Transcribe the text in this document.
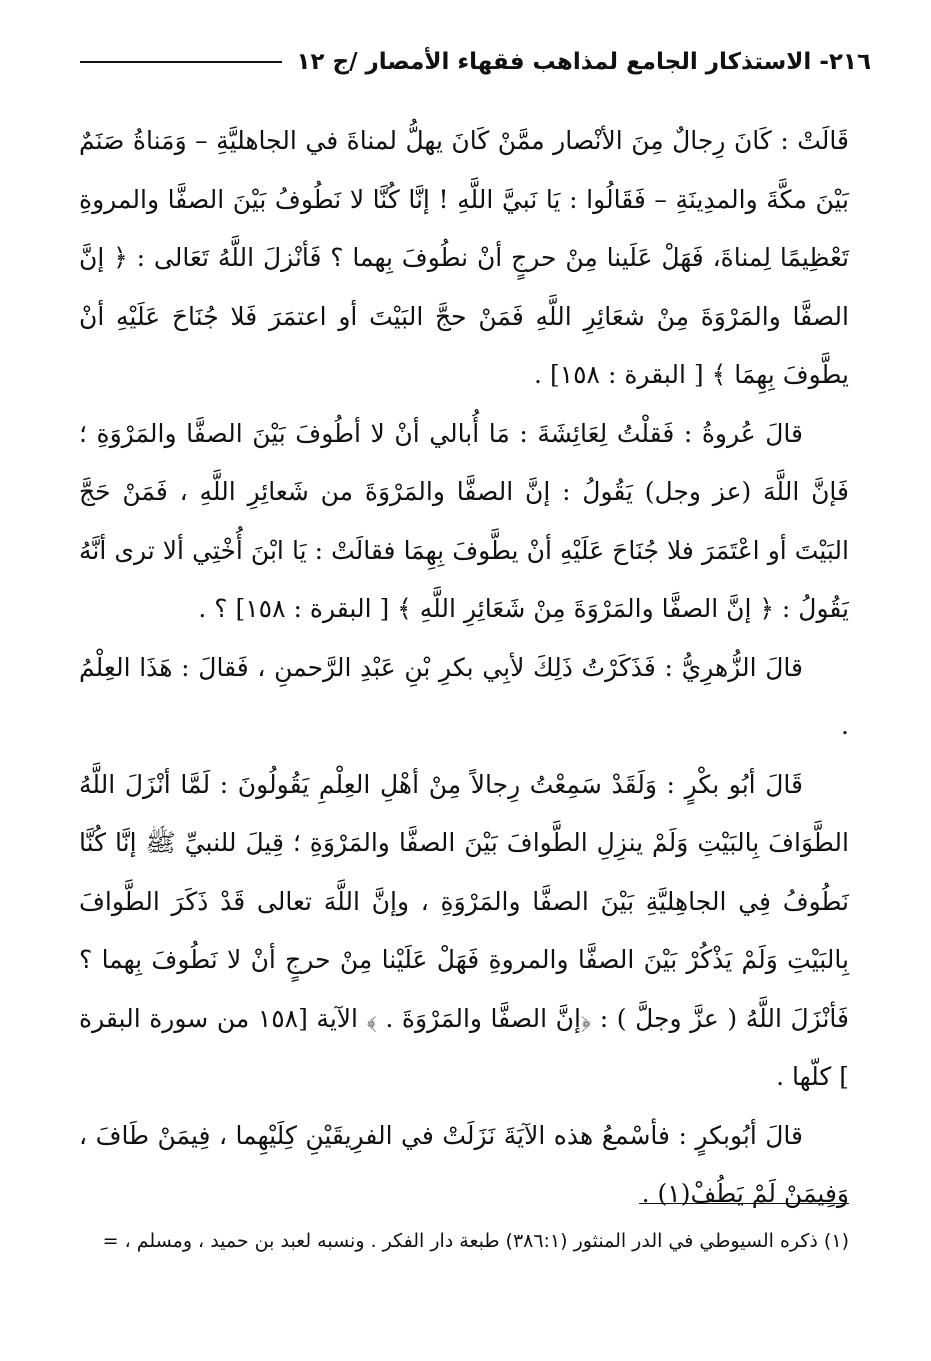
٢١٦- الاستذكار الجامع لمذاهب فقهاء الأمصار /ج ١٢

قَالَتْ : كَانَ رِجالٌ مِنَ الأنْصار ممَّنْ كَانَ يهلُّ لمناةَ في الجاهليَّةِ – وَمَناةُ صَنَمٌ بَيْنَ مكَّةَ والمدِينَةِ – فَقَالُوا : يَا نَبيَّ اللَّهِ ! إنَّا كُنَّا لا نَطُوفُ بَيْنَ الصفَّا والمروةِ تَعْظِيمًا لِمناةَ، فَهَلْ عَلَينا مِنْ حرجٍ أنْ نطُوفَ بِهما ؟ فَأنْزلَ اللَّهُ تَعَالى : ﴿ إنَّ الصفَّا والمَرْوَةَ مِنْ شعَائِرِ اللَّهِ فَمَنْ حجَّ البَيْتَ أو اعتمَرَ فَلا جُنَاحَ عَلَيْهِ أنْ يطَّوفَ بِهِمَا ﴾ [ البقرة : ١٥٨] .

قالَ عُروةُ : فَقلْتُ لِعَائِشَةَ : مَا أُبالي أنْ لا أطُوفَ بَيْنَ الصفَّا والمَرْوَةِ ؛ فَإنَّ اللَّهَ (عز وجل) يَقُولُ : إنَّ الصفَّا والمَرْوَةَ من شَعائِرِ اللَّهِ ، فَمَنْ حَجَّ البَيْتَ أو اعْتَمَرَ فلا جُنَاحَ عَلَيْهِ أنْ يطَّوفَ بِهِمَا فقالَتْ : يَا ابْنَ أُخْتِي ألا ترى أنَّهُ يَقُولُ : ﴿ إنَّ الصفَّا والمَرْوَةَ مِنْ شَعَائِرِ اللَّهِ ﴾ [ البقرة : ١٥٨] ؟ .

قالَ الزُّهرِيُّ : فَذَكَرْتُ ذَلِكَ لأبِي بكرِ بْنِ عَبْدِ الرَّحمنِ ، فَقالَ : هَذَا العِلْمُ .

قَالَ أبُو بكْرٍ : وَلَقَدْ سَمِعْتُ رِجالاً مِنْ أهْلِ العِلْمِ يَقُولُونَ : لَمَّا أنْزَلَ اللَّهُ الطَّوَافَ بِالبَيْتِ وَلَمْ ينزِلِ الطَّوافَ بَيْنَ الصفَّا والمَرْوَةِ ؛ قِيلَ للنبيِّ ﷺ إنَّا كُنَّا نَطُوفُ فِي الجاهِليَّةِ بَيْنَ الصفَّا والمَرْوَةِ ، وإنَّ اللَّهَ تعالى قَدْ ذَكَرَ الطَّوافَ بِالبَيْتِ وَلَمْ يَذْكُرْ بَيْنَ الصفَّا والمروةِ فَهَلْ عَلَيْنا مِنْ حرجٍ أنْ لا نَطُوفَ بِهما ؟ فَأنْزَلَ اللَّهُ ( عزَّ وجلَّ ) : ﴿إنَّ الصفَّا والمَرْوَةَ . ﴾ الآية [١٥٨ من سورة البقرة ] كلّها .

قالَ أبُوبكرٍ : فأسْمعُ هذه الآيَةَ نَزَلَتْ في الفرِيقَيْنِ كِلَيْهِما ، فِيمَنْ طَافَ ، وَفِيمَنْ لَمْ يَطُفْ(١) .

(١) ذكره السيوطي في الدر المنثور (٣٨٦:١) طبعة دار الفكر . ونسبه لعبد بن حميد ، ومسلم ، =
